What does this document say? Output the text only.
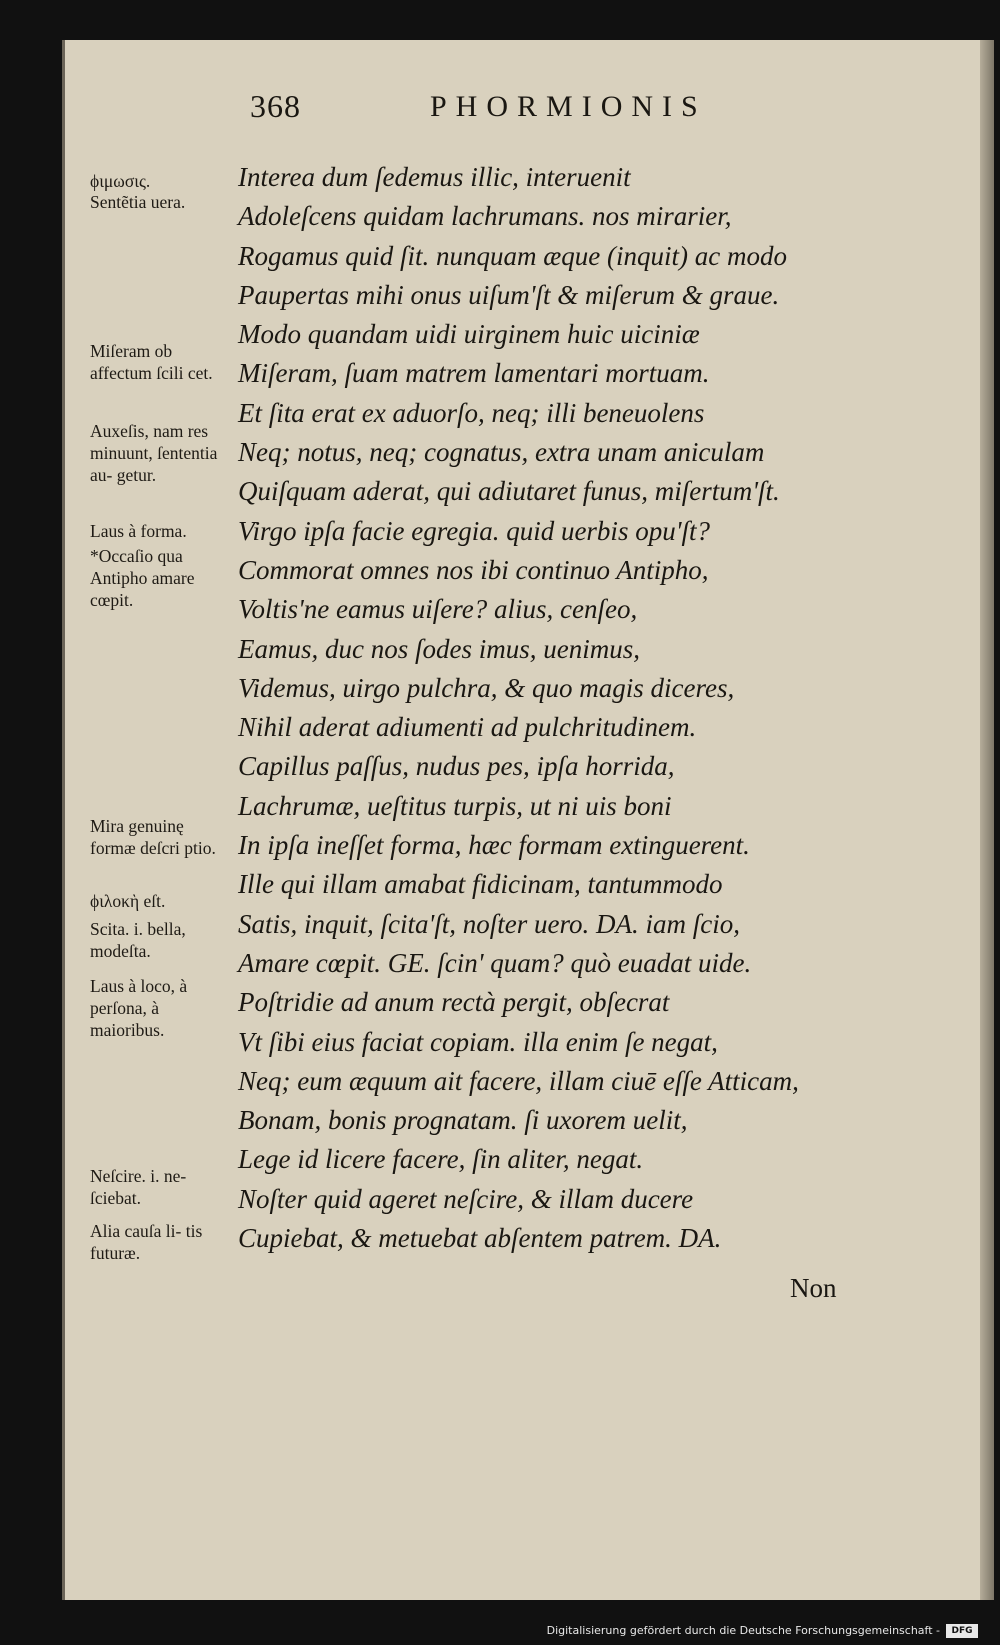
368	PHORMIONIS
Interea dum ſedemus illic, interuenit
Adoleſcens quidam lachrumans. nos mirarier,
Rogamus quid ſit. nunquam æque (inquit) ac modo
Paupertas mihi onus uiſum'ſt & miſerum & graue.
Modo quandam uidi uirginem huic uiciniæ
Miſeram, ſuam matrem lamentari mortuam.
Et ſita erat ex aduorſo, neq; illi beneuolens
Neq; notus, neq; cognatus, extra unam aniculam
Quiſquam aderat, qui adiutaret funus, miſertum'ſt.
Virgo ipſa facie egregia. quid uerbis opu'ſt?
Commorat omnes nos ibi continuo Antipho,
Voltis'ne eamus uiſere? alius, cenſeo,
Eamus, duc nos ſodes imus, uenimus,
Videmus, uirgo pulchra, & quo magis diceres,
Nihil aderat adiumenti ad pulchritudinem.
Capillus paſſus, nudus pes, ipſa horrida,
Lachrumæ, ueſtitus turpis, ut ni uis boni
In ipſa ineſſet forma, hæc formam extinguerent.
Ille qui illam amabat fidicinam, tantummodo
Satis, inquit, ſcita'ſt, noſter uero. DA. iam ſcio,
Amare cœpit. GE. ſcin' quam? quò euadat uide.
Poſtridie ad anum rectà pergit, obſecrat
Vt ſibi eius faciat copiam. illa enim ſe negat,
Neq; eum æquum ait facere, illam ciuē eſſe Atticam,
Bonam, bonis prognatam. ſi uxorem uelit,
Lege id licere facere, ſin aliter, negat.
Noſter quid ageret neſcire, & illam ducere
Cupiebat, & metuebat abſentem patrem. DA.
ϕιμωσις.
Sentẽtia uera.
Miſeram ob affectum ſcili cet.
Auxeſis, nam res minuunt, ſententia au- getur.
Laus à forma.
*Occaſio qua Antipho amare cœpit.
Mira genuinę formæ deſcri ptio.
ϕιλοκὴ eſt.
Scita. i. bella, modeſta.
Laus à loco, à perſona, à maioribus.
Neſcire. i. ne- ſciebat.
Alia cauſa li- tis futuræ.
Non
Digitalisierung gefördert durch die Deutsche Forschungsgemeinschaft -	DFG
